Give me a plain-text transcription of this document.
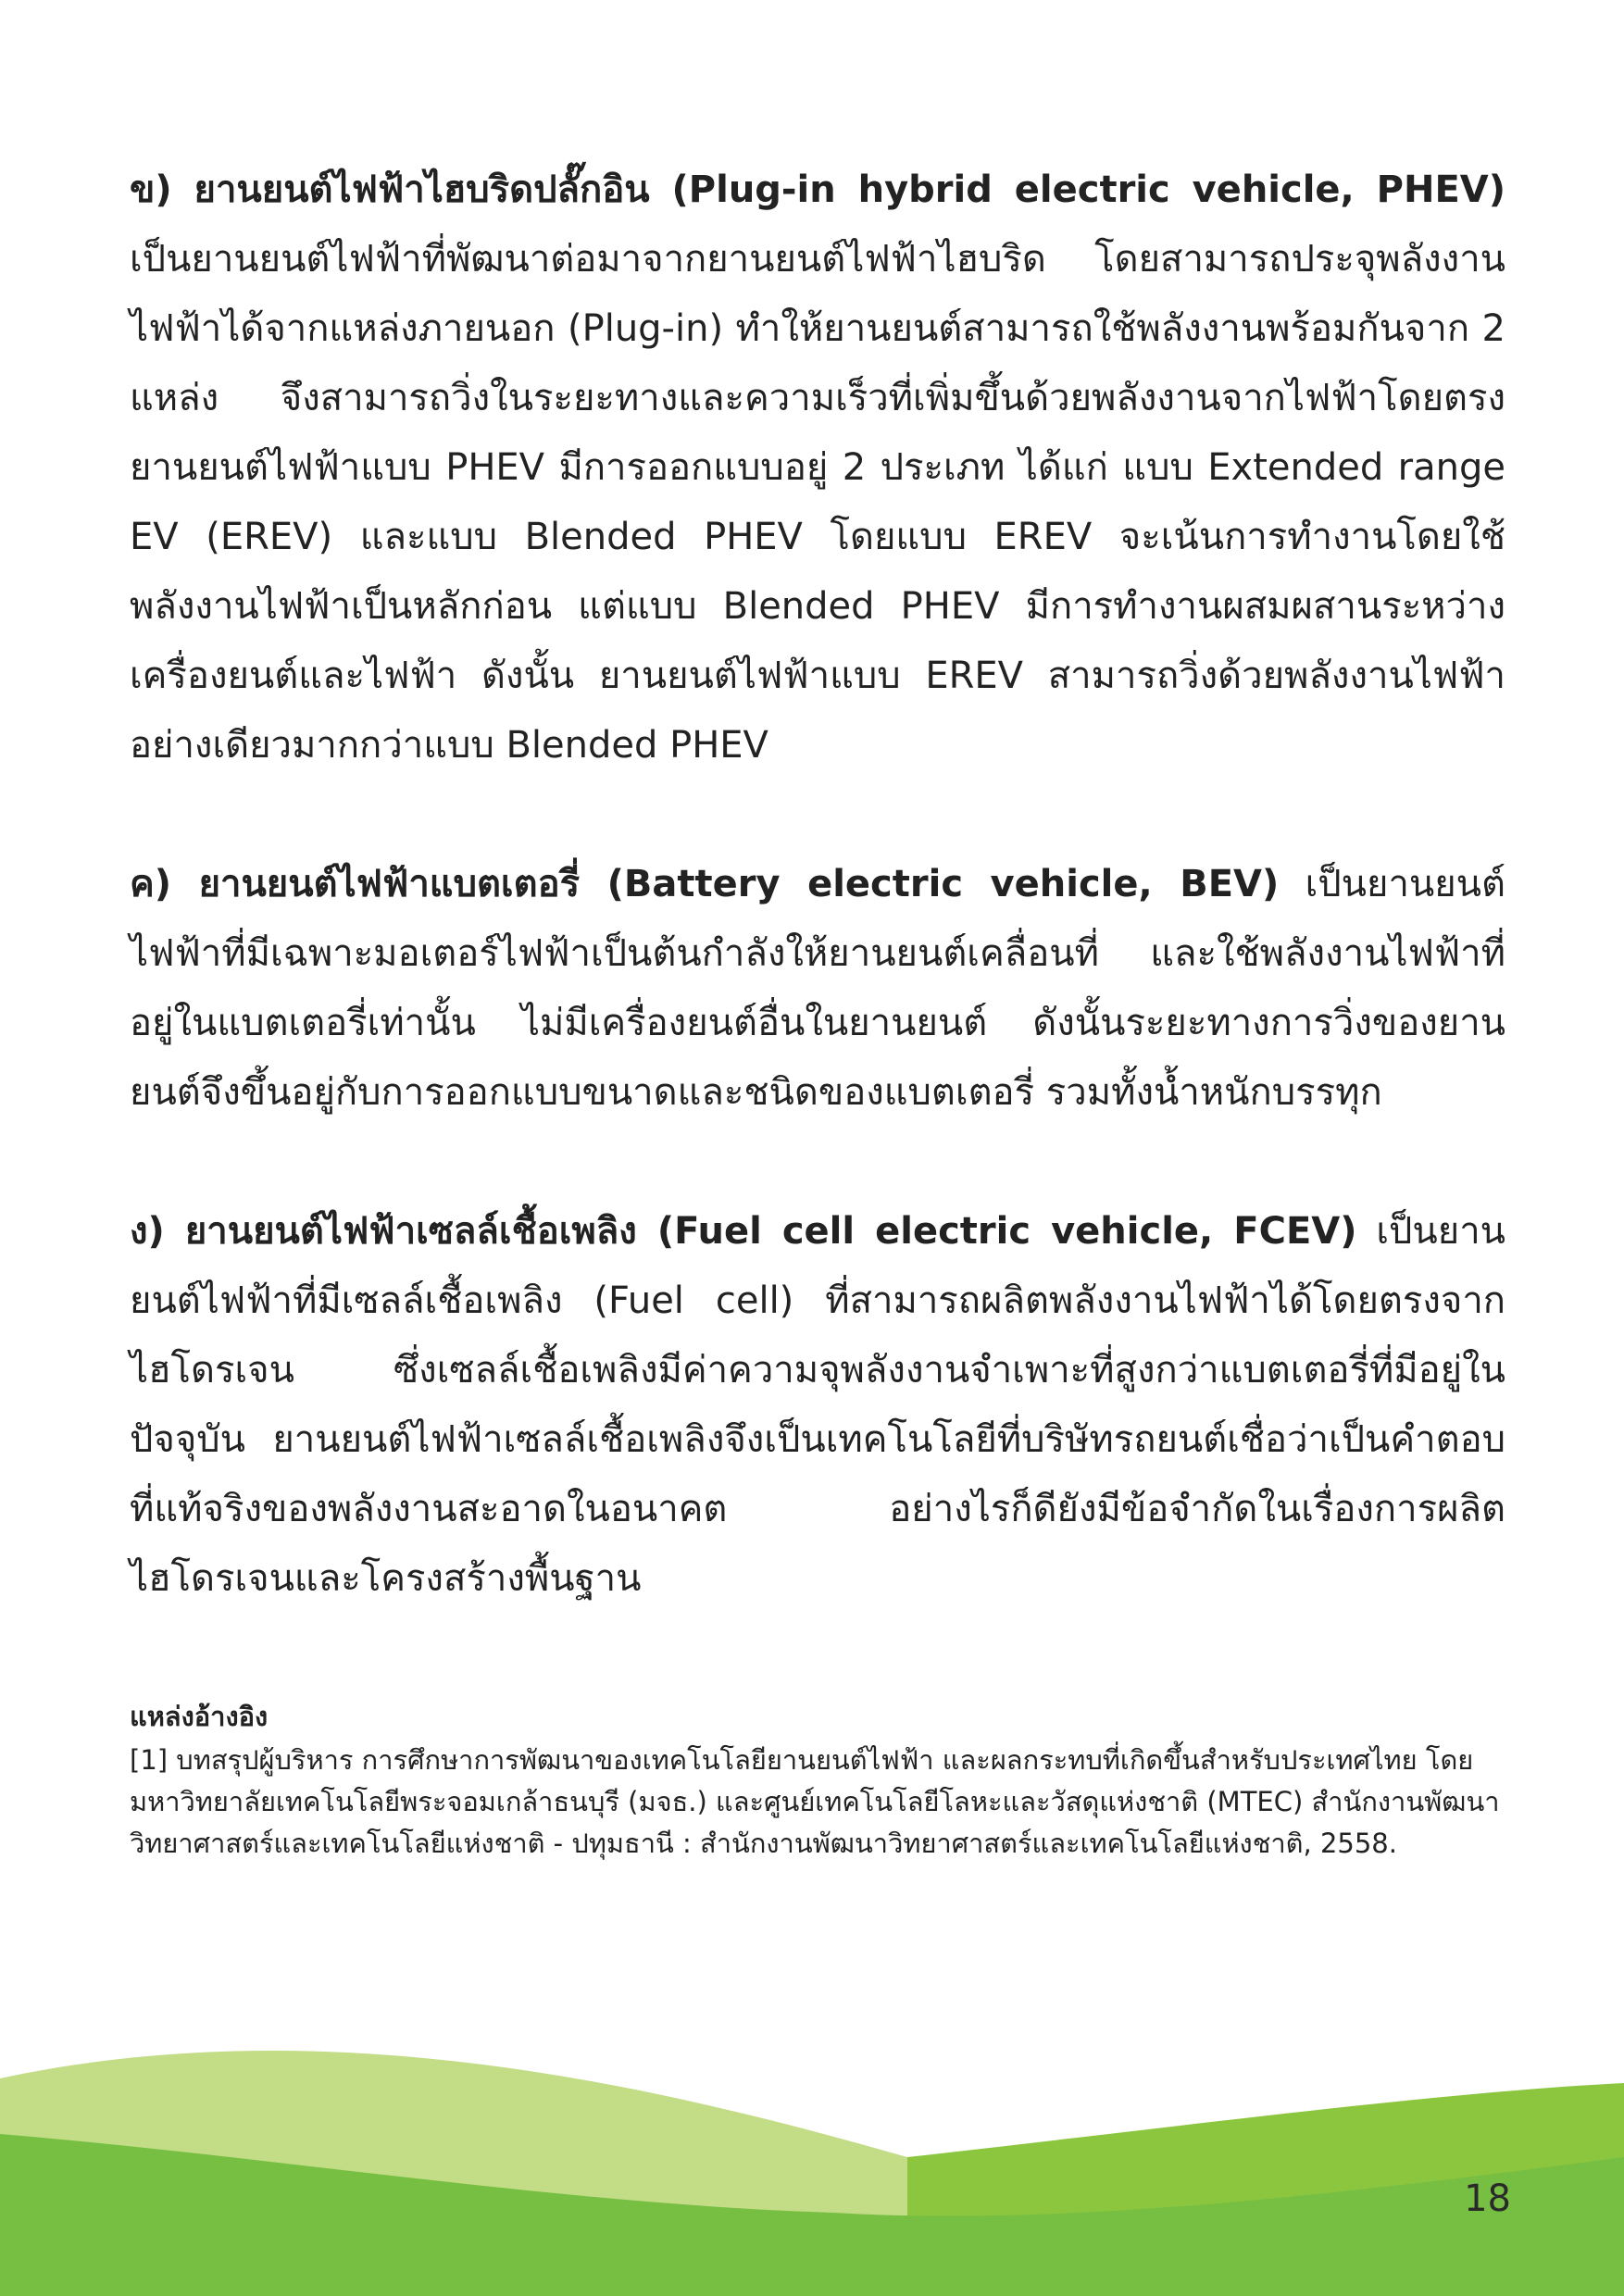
ข) ยานยนต์ไฟฟ้าไฮบริดปลั๊กอิน (Plug-in hybrid electric vehicle, PHEV) เป็นยานยนต์ไฟฟ้าที่พัฒนาต่อมาจากยานยนต์ไฟฟ้าไฮบริด โดยสามารถประจุพลังงานไฟฟ้าได้จากแหล่งภายนอก (Plug-in) ทำให้ยานยนต์สามารถใช้พลังงานพร้อมกันจาก 2 แหล่ง จึงสามารถวิ่งในระยะทางและความเร็วที่เพิ่มขึ้นด้วยพลังงานจากไฟฟ้าโดยตรง ยานยนต์ไฟฟ้าแบบ PHEV มีการออกแบบอยู่ 2 ประเภท ได้แก่ แบบ Extended range EV (EREV) และแบบ Blended PHEV โดยแบบ EREV จะเน้นการทำงานโดยใช้พลังงานไฟฟ้าเป็นหลักก่อน แต่แบบ Blended PHEV มีการทำงานผสมผสานระหว่างเครื่องยนต์และไฟฟ้า ดังนั้น ยานยนต์ไฟฟ้าแบบ EREV สามารถวิ่งด้วยพลังงานไฟฟ้าอย่างเดียวมากกว่าแบบ Blended PHEV

ค) ยานยนต์ไฟฟ้าแบตเตอรี่ (Battery electric vehicle, BEV) เป็นยานยนต์ไฟฟ้าที่มีเฉพาะมอเตอร์ไฟฟ้าเป็นต้นกำลังให้ยานยนต์เคลื่อนที่ และใช้พลังงานไฟฟ้าที่อยู่ในแบตเตอรี่เท่านั้น ไม่มีเครื่องยนต์อื่นในยานยนต์ ดังนั้นระยะทางการวิ่งของยานยนต์จึงขึ้นอยู่กับการออกแบบขนาดและชนิดของแบตเตอรี่ รวมทั้งน้ำหนักบรรทุก

ง) ยานยนต์ไฟฟ้าเซลล์เชื้อเพลิง (Fuel cell electric vehicle, FCEV) เป็นยานยนต์ไฟฟ้าที่มีเซลล์เชื้อเพลิง (Fuel cell) ที่สามารถผลิตพลังงานไฟฟ้าได้โดยตรงจากไฮโดรเจน ซึ่งเซลล์เชื้อเพลิงมีค่าความจุพลังงานจำเพาะที่สูงกว่าแบตเตอรี่ที่มีอยู่ในปัจจุบัน ยานยนต์ไฟฟ้าเซลล์เชื้อเพลิงจึงเป็นเทคโนโลยีที่บริษัทรถยนต์เชื่อว่าเป็นคำตอบที่แท้จริงของพลังงานสะอาดในอนาคต อย่างไรก็ดียังมีข้อจำกัดในเรื่องการผลิตไฮโดรเจนและโครงสร้างพื้นฐาน

แหล่งอ้างอิง

[1] บทสรุปผู้บริหาร การศึกษาการพัฒนาของเทคโนโลยียานยนต์ไฟฟ้า และผลกระทบที่เกิดขึ้นสำหรับประเทศไทย โดย มหาวิทยาลัยเทคโนโลยีพระจอมเกล้าธนบุรี (มจธ.) และศูนย์เทคโนโลยีโลหะและวัสดุแห่งชาติ (MTEC) สำนักงานพัฒนาวิทยาศาสตร์และเทคโนโลยีแห่งชาติ - ปทุมธานี : สำนักงานพัฒนาวิทยาศาสตร์และเทคโนโลยีแห่งชาติ, 2558.

18
